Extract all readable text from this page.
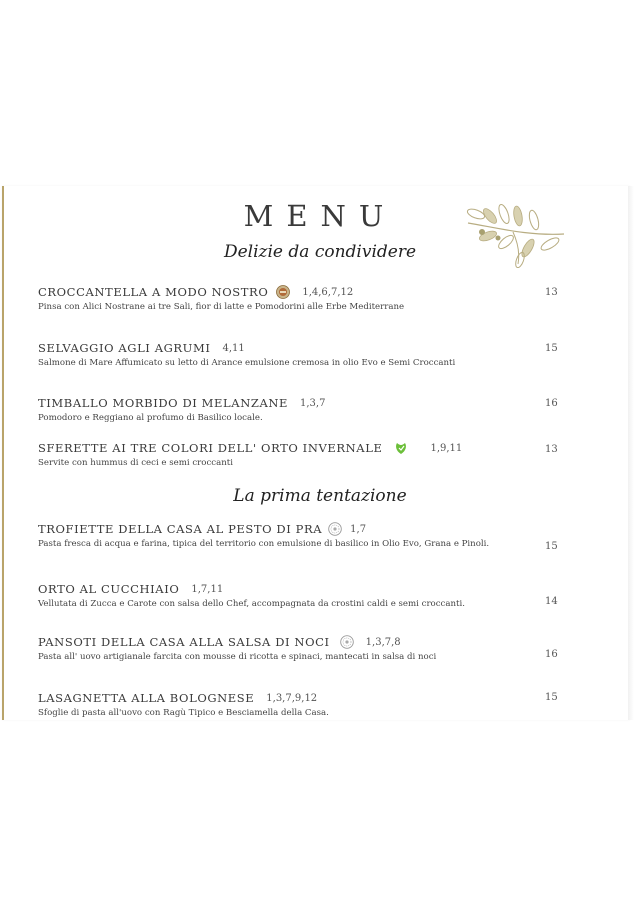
MENU
Delizie da condividere
CROCCANTELLA A MODO NOSTRO	1,4,6,7,12
Pinsa con Alici Nostrane ai tre Sali, fior di latte e Pomodorini alle Erbe Mediterrane
13
SELVAGGIO AGLI AGRUMI 4,11
Salmone di Mare Affumicato su letto di Arance emulsione cremosa in olio Evo e Semi Croccanti
15
TIMBALLO MORBIDO DI MELANZANE 1,3,7
Pomodoro e Reggiano al profumo di Basilico locale.
16
SFERETTE AI TRE COLORI DELL' ORTO INVERNALE	1,9,11
Servite con hummus di ceci e semi croccanti
13
La prima tentazione
TROFIETTE DELLA CASA AL PESTO DI PRA	1,7
Pasta fresca di acqua e farina, tipica del territorio con emulsione di basilico in Olio Evo, Grana e Pinoli.	15
ORTO AL CUCCHIAIO 1,7,11
Vellutata di Zucca e Carote con salsa dello Chef, accompagnata da crostini caldi e semi croccanti.	14
PANSOTI DELLA CASA ALLA SALSA DI NOCI	1,3,7,8
Pasta all' uovo artigianale farcita con mousse di ricotta e spinaci, mantecati in salsa di noci	16
LASAGNETTA ALLA BOLOGNESE 1,3,7,9,12
Sfoglie di pasta all'uovo con Ragù Tipico e Besciamella della Casa.
15
